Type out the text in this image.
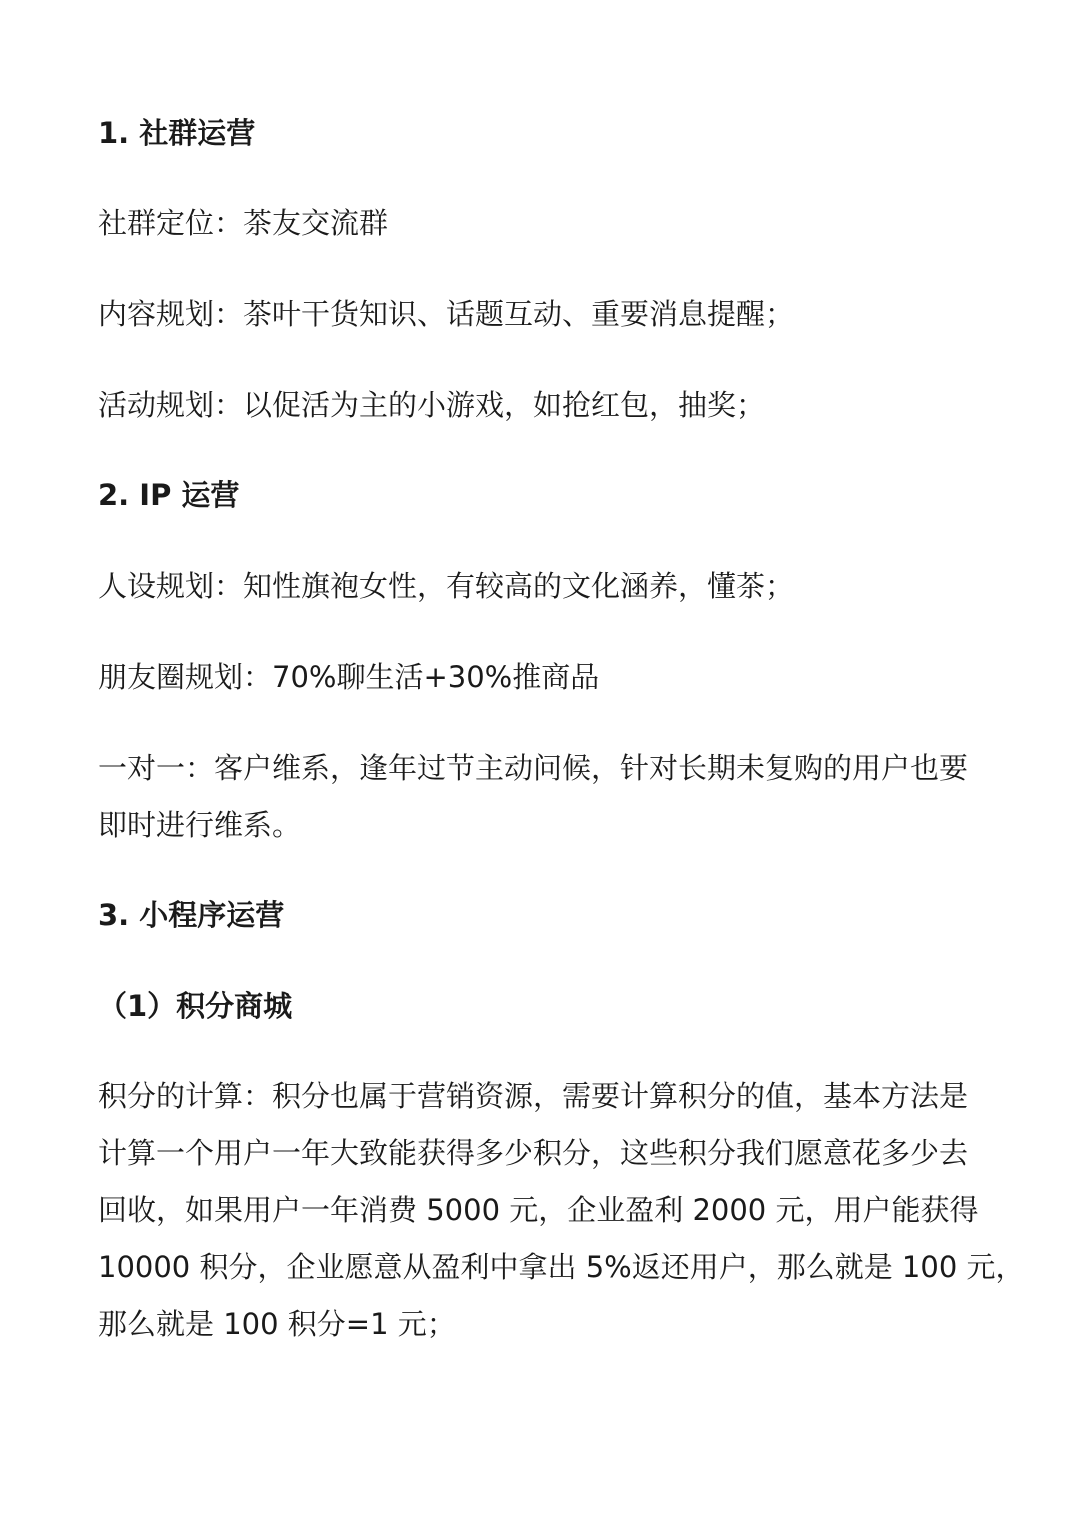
1. 社群运营
社群定位：茶友交流群
内容规划：茶叶干货知识、话题互动、重要消息提醒；
活动规划：以促活为主的小游戏，如抢红包，抽奖；
2. IP 运营
人设规划：知性旗袍女性，有较高的文化涵养，懂茶；
朋友圈规划：70%聊生活+30%推商品
一对一：客户维系，逢年过节主动问候，针对长期未复购的用户也要
即时进行维系。
3. 小程序运营
（1）积分商城
积分的计算：积分也属于营销资源，需要计算积分的值，基本方法是
计算一个用户一年大致能获得多少积分，这些积分我们愿意花多少去
回收，如果用户一年消费 5000 元，企业盈利 2000 元，用户能获得
10000 积分，企业愿意从盈利中拿出 5%返还用户，那么就是 100 元，
那么就是 100 积分=1 元；
